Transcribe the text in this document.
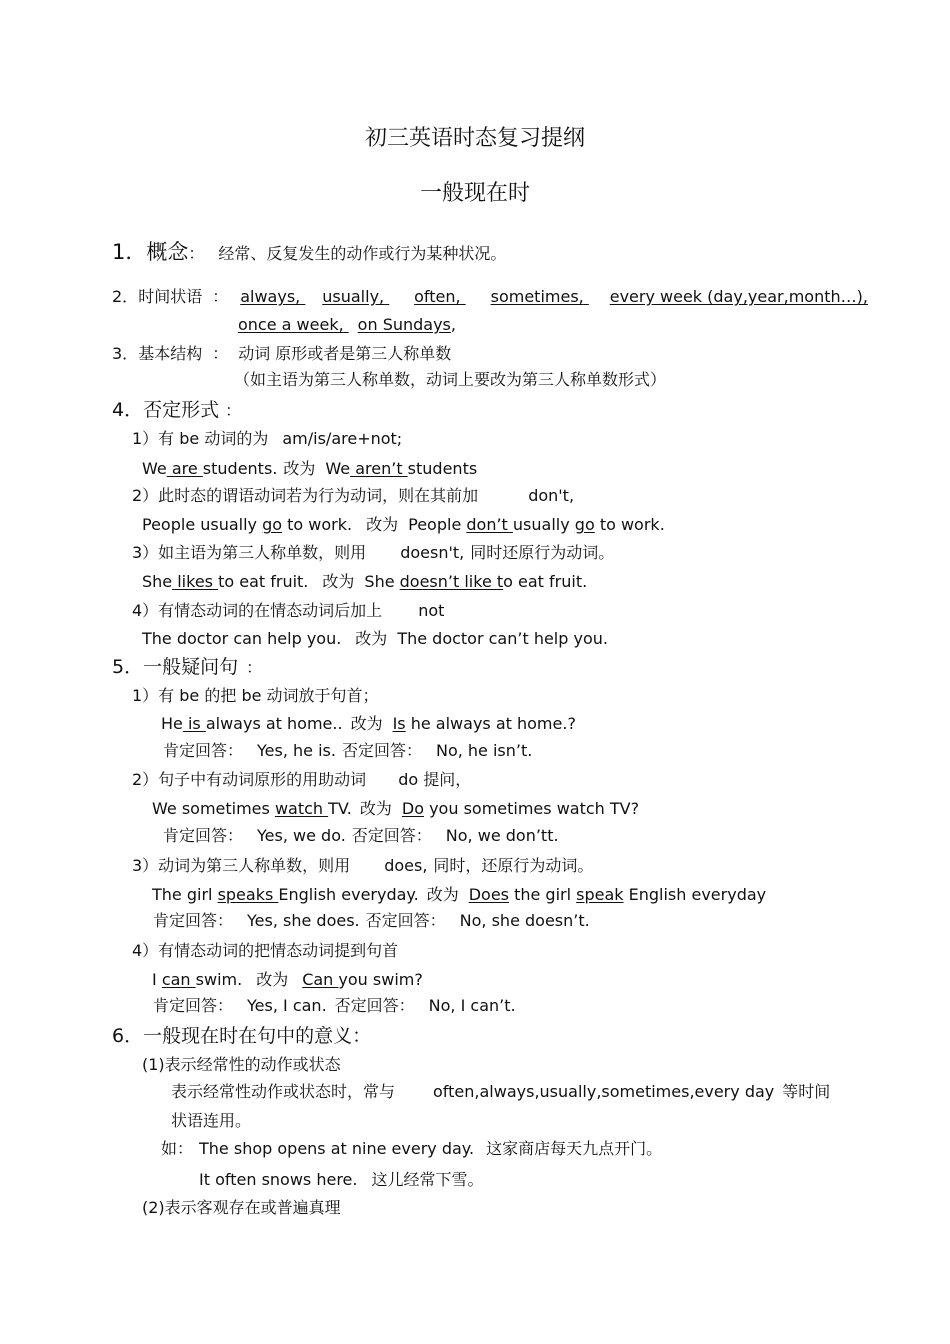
初三英语时态复习提纲
一般现在时
1．概念： 经常、反复发生的动作或行为某种状况。
2．时间状语 ： always, usually, often, sometimes, every week (day,year,month…),
once a week, on Sundays,
3．基本结构 ： 动词 原形或者是第三人称单数
（如主语为第三人称单数，动词上要改为第三人称单数形式）
4．否定形式 ：
1）有 be 动词的为 am/is/are+not;
We are students. 改为 We aren’t students
2）此时态的谓语动词若为行为动词，则在其前加	don't,
People usually go to work. 改为 People don’t usually go to work.
3）如主语为第三人称单数，则用 doesn't, 同时还原行为动词。
She likes to eat fruit. 改为 She doesn’t like to eat fruit.
4）有情态动词的在情态动词后加上 not
The doctor can help you. 改为 The doctor can’t help you.
5．一般疑问句 ：
1）有 be 的把 be 动词放于句首；
He is always at home.. 改为 Is he always at home.?
肯定回答： Yes, he is. 否定回答： No, he isn’t.
2）句子中有动词原形的用助动词 do 提问，
We sometimes watch TV. 改为 Do you sometimes watch TV?
肯定回答： Yes, we do. 否定回答： No, we don’tt.
3）动词为第三人称单数，则用 does, 同时，还原行为动词。
The girl speaks English everyday. 改为 Does the girl speak English everyday
肯定回答： Yes, she does. 否定回答： No, she doesn’t.
4）有情态动词的把情态动词提到句首
I can swim. 改为 Can you swim?
肯定回答： Yes, I can. 否定回答： No, I can’t.
6．一般现在时在句中的意义：
(1)表示经常性的动作或状态
表示经常性动作或状态时，常与 often,always,usually,sometimes,every day 等时间
状语连用。
如： The shop opens at nine every day. 这家商店每天九点开门。
It often snows here. 这儿经常下雪。
(2)表示客观存在或普遍真理
